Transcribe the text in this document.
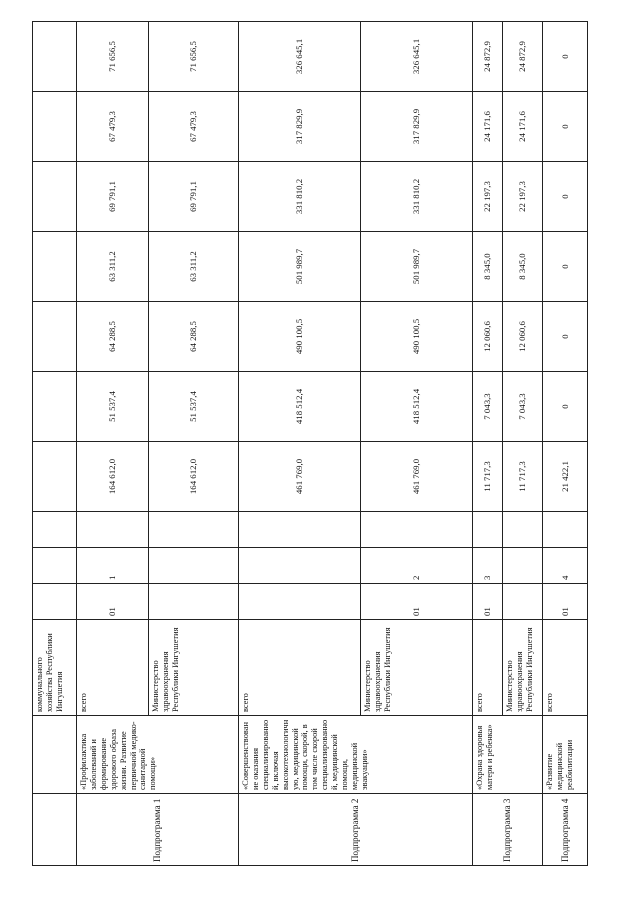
		коммунального хозяйства Республики Ингушетия										
Подпрограмма 1	«Профилактика заболеваний и формирование здорового образа жизни. Развитие первичной медико-санитарной помощи»	всего	01	1		164 612,0	51 537,4	64 288,5	63 311,2	69 791,1	67 479,3	71 656,5
		Министерство здравоохранения Республики Ингушетия				164 612,0	51 537,4	64 288,5	63 311,2	69 791,1	67 479,3	71 656,5
Подпрограмма 2	«Совершенствование оказания специализированной, включая высокотехнологичную, медицинской помощи, скорой, в том числе скорой специализированной, медицинской помощи, медицинской эвакуации»	всего				461 769,0	418 512,4	490 100,5	501 989,7	331 810,2	317 829,9	326 645,1
		Министерство здравоохранения Республики Ингушетия	01	2		461 769,0	418 512,4	490 100,5	501 989,7	331 810,2	317 829,9	326 645,1
Подпрограмма 3	«Охрана здоровья матери и ребенка»	всего	01	3		11 717,3	7 043,3	12 060,6	8 345,0	22 197,3	24 171,6	24 872,9
		Министерство здравоохранения Республики Ингушетия				11 717,3	7 043,3	12 060,6	8 345,0	22 197,3	24 171,6	24 872,9
Подпрограмма 4	«Развитие медицинской реабилитации	всего	01	4		21 422,1	0	0	0	0	0	0
